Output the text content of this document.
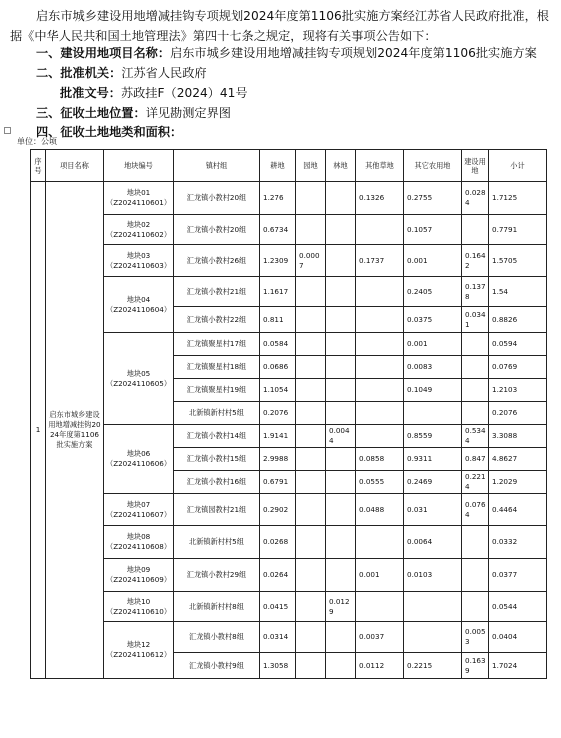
启东市城乡建设用地增减挂钩专项规划2024年度第1106批实施方案经江苏省人民政府批准，根据《中华人民共和国土地管理法》第四十七条之规定，现将有关事项公告如下：

一、建设用地项目名称：启东市城乡建设用地增减挂钩专项规划2024年度第1106批实施方案
二、批准机关：江苏省人民政府
批准文号：苏政挂F（2024）41号
三、征收土地位置：详见勘测定界图
四、征收土地地类和面积：
单位：公顷
序号	项目名称	地块编号	镇村组	耕地	园地	林地	其他草地	其它农用地	建设用地	小计
1	启东市城乡建设用地增减挂钩2024年度第1106批实施方案	地块01
（Z2024110601）	汇龙镇小教村20组	1.276			0.1326	0.2755	0.0284	1.7125

		地块02
（Z2024110602）	汇龙镇小教村20组	0.6734				0.1057		0.7791

		地块03
（Z2024110603）	汇龙镇小教村26组	1.2309	0.0007		0.1737	0.001	0.1642	1.5705

		地块04
（Z2024110604）	汇龙镇小教村21组	1.1617				0.2405	0.1378	1.54
			汇龙镇小教村22组	0.811				0.0375	0.0341	0.8826

		地块05
（Z2024110605）	汇龙镇聚星村17组	0.0584				0.001		0.0594
			汇龙镇聚星村18组	0.0686				0.0083		0.0769
			汇龙镇聚星村19组	1.1054				0.1049		1.2103
			北新镇新村村5组	0.2076						0.2076

		地块06
（Z2024110606）	汇龙镇小教村14组	1.9141		0.0044		0.8559	0.5344	3.3088
			汇龙镇小教村15组	2.9988			0.0858	0.9311	0.847	4.8627
			汇龙镇小教村16组	0.6791			0.0555	0.2469	0.2214	1.2029

		地块07
（Z2024110607）	汇龙镇园教村21组	0.2902			0.0488	0.031	0.0764	0.4464

		地块08
（Z2024110608）	北新镇新村村5组	0.0268				0.0064		0.0332

		地块09
（Z2024110609）	汇龙镇小教村29组	0.0264			0.001	0.0103		0.0377

		地块10
（Z2024110610）	北新镇新村村8组	0.0415		0.0129				0.0544

		地块12
（Z2024110612）	汇龙镇小教村8组	0.0314			0.0037		0.0053	0.0404
			汇龙镇小教村9组	1.3058			0.0112	0.2215	0.1639	1.7024
